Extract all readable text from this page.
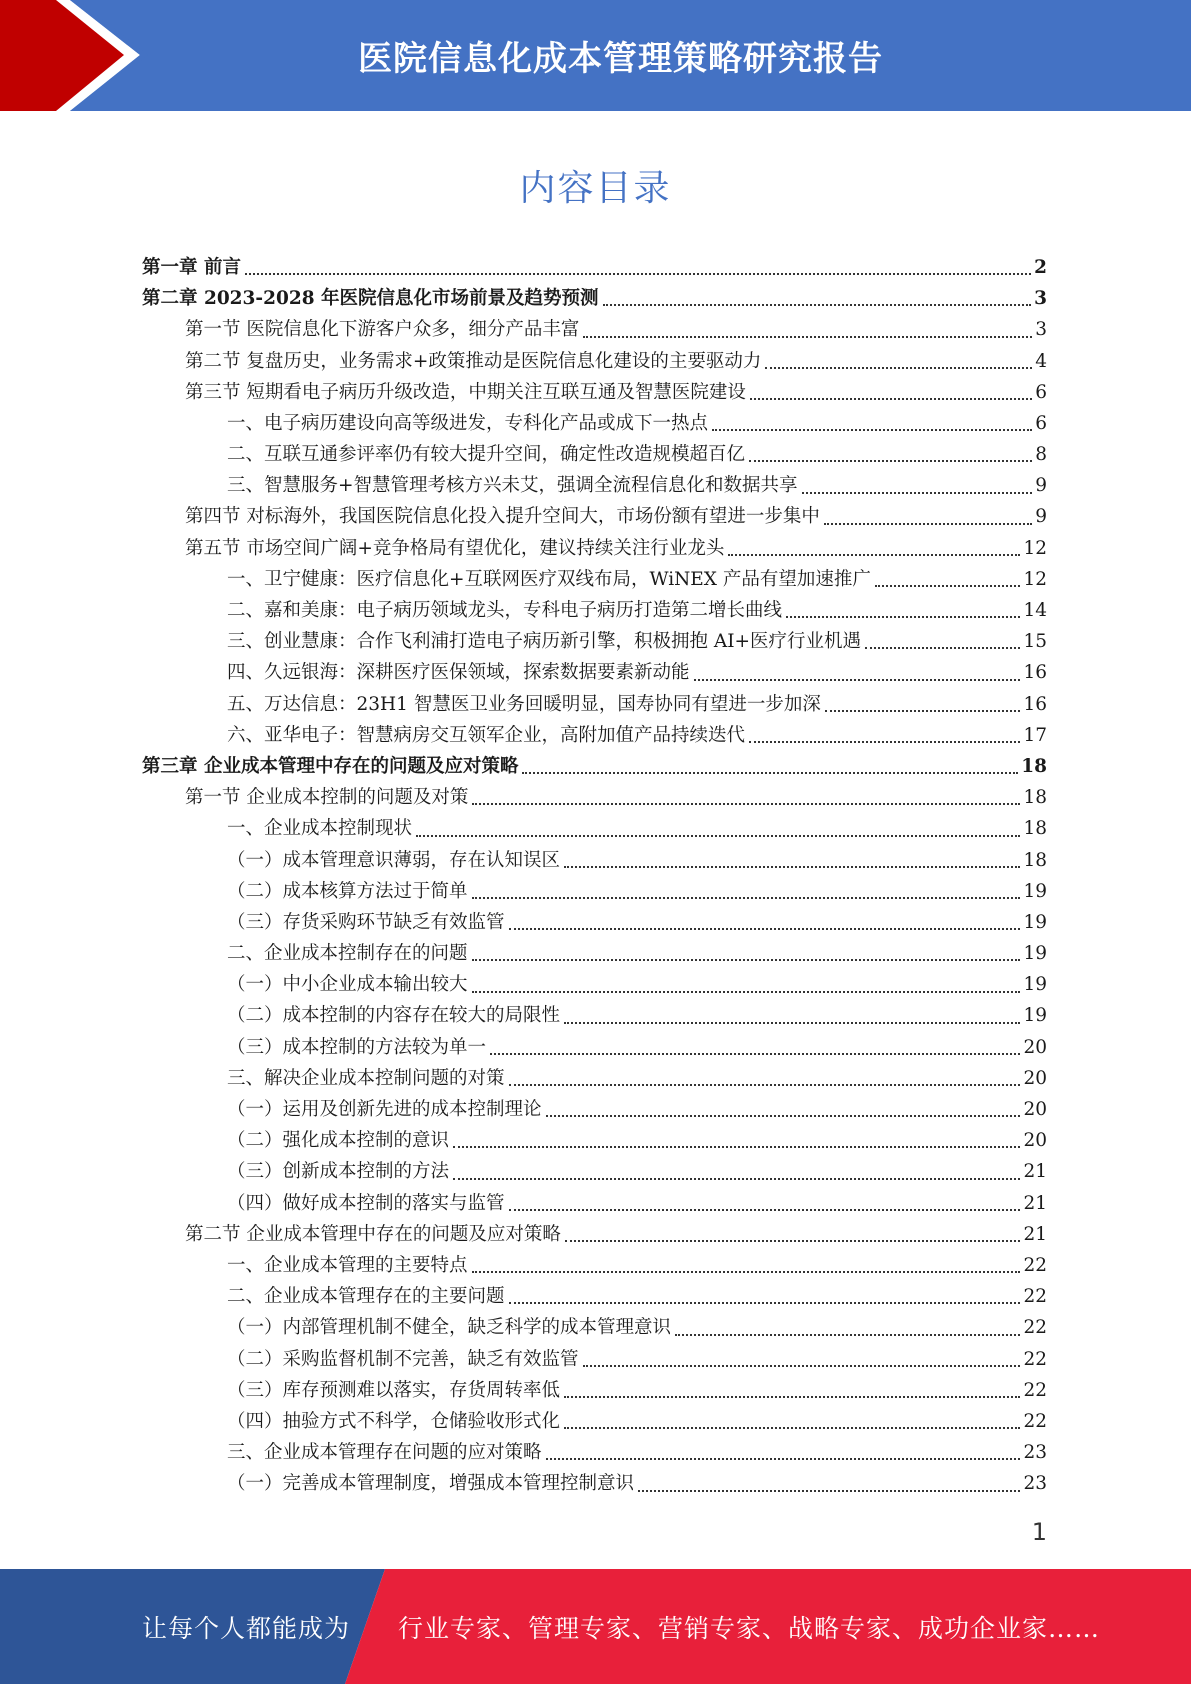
医院信息化成本管理策略研究报告
内容目录
第一章 前言	2
第二章 2023-2028 年医院信息化市场前景及趋势预测	3
第一节 医院信息化下游客户众多，细分产品丰富	3
第二节 复盘历史，业务需求+政策推动是医院信息化建设的主要驱动力	4
第三节 短期看电子病历升级改造，中期关注互联互通及智慧医院建设	6
一、电子病历建设向高等级进发，专科化产品或成下一热点	6
二、互联互通参评率仍有较大提升空间，确定性改造规模超百亿	8
三、智慧服务+智慧管理考核方兴未艾，强调全流程信息化和数据共享	9
第四节 对标海外，我国医院信息化投入提升空间大，市场份额有望进一步集中	9
第五节 市场空间广阔+竞争格局有望优化，建议持续关注行业龙头	12
一、卫宁健康：医疗信息化+互联网医疗双线布局，WiNEX 产品有望加速推广	12
二、嘉和美康：电子病历领域龙头，专科电子病历打造第二增长曲线	14
三、创业慧康：合作飞利浦打造电子病历新引擎，积极拥抱 AI+医疗行业机遇	15
四、久远银海：深耕医疗医保领域，探索数据要素新动能	16
五、万达信息：23H1 智慧医卫业务回暖明显，国寿协同有望进一步加深	16
六、亚华电子：智慧病房交互领军企业，高附加值产品持续迭代	17
第三章 企业成本管理中存在的问题及应对策略	18
第一节 企业成本控制的问题及对策	18
一、企业成本控制现状	18
（一）成本管理意识薄弱，存在认知误区	18
（二）成本核算方法过于简单	19
（三）存货采购环节缺乏有效监管	19
二、企业成本控制存在的问题	19
（一）中小企业成本输出较大	19
（二）成本控制的内容存在较大的局限性	19
（三）成本控制的方法较为单一	20
三、解决企业成本控制问题的对策	20
（一）运用及创新先进的成本控制理论	20
（二）强化成本控制的意识	20
（三）创新成本控制的方法	21
（四）做好成本控制的落实与监管	21
第二节 企业成本管理中存在的问题及应对策略	21
一、企业成本管理的主要特点	22
二、企业成本管理存在的主要问题	22
（一）内部管理机制不健全，缺乏科学的成本管理意识	22
（二）采购监督机制不完善，缺乏有效监管	22
（三）库存预测难以落实，存货周转率低	22
（四）抽验方式不科学，仓储验收形式化	22
三、企业成本管理存在问题的应对策略	23
（一）完善成本管理制度，增强成本管理控制意识	23
1
让每个人都能成为 行业专家、管理专家、营销专家、战略专家、成功企业家……
